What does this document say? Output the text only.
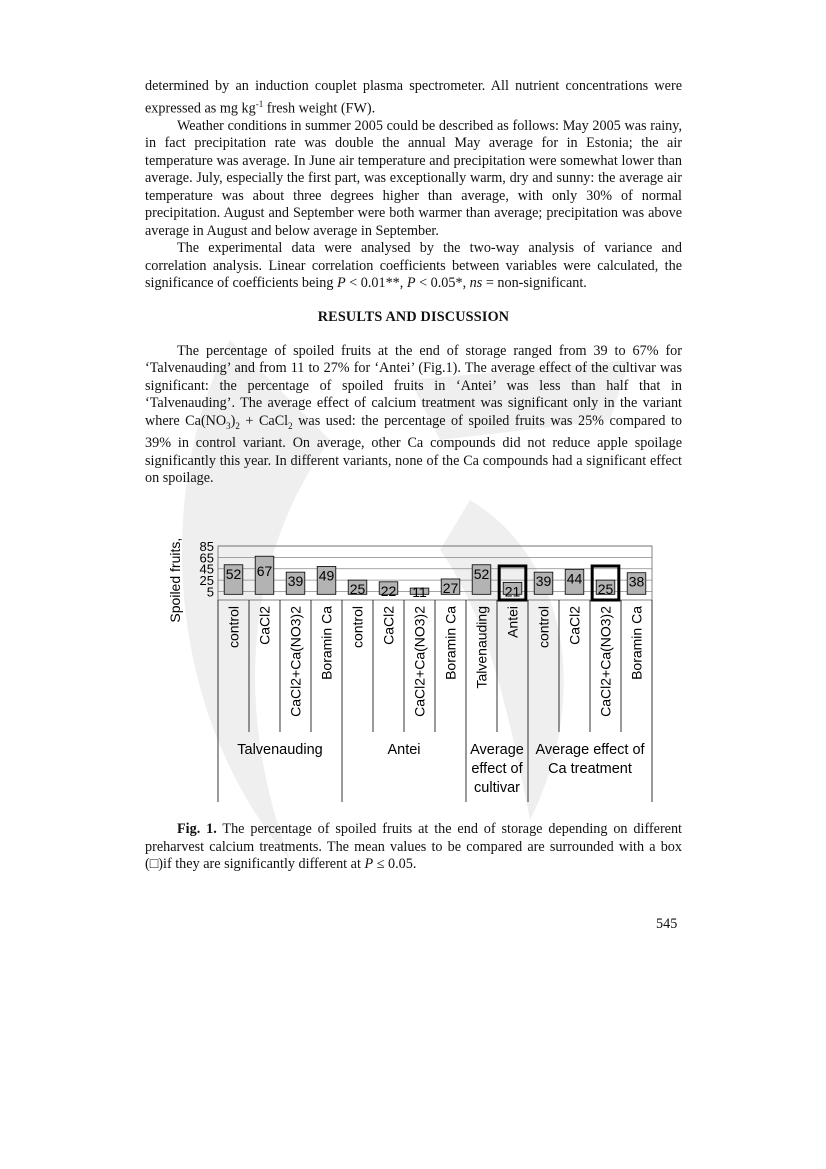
determined by an induction couplet plasma spectrometer. All nutrient concentrations were expressed as mg $kg^{-1}$ fresh weight (FW).

Weather conditions in summer 2005 could be described as follows: May 2005 was rainy, in fact precipitation rate was double the annual May average for in Estonia; the air temperature was average. In June air temperature and precipitation were somewhat lower than average. July, especially the first part, was exceptionally warm, dry and sunny: the average air temperature was about three degrees higher than average, with only 30% of normal precipitation. August and September were both warmer than average; precipitation was above average in August and below average in September.

The experimental data were analysed by the two-way analysis of variance and correlation analysis. Linear correlation coefficients between variables were calculated, the significance of coefficients being P < 0.01**, P < 0.05*, ns = non-significant.

RESULTS AND DISCUSSION

The percentage of spoiled fruits at the end of storage ranged from 39 to 67% for ‘Talvenauding’ and from 11 to 27% for ‘Antei’ (Fig.1). The average effect of the cultivar was significant: the percentage of spoiled fruits in ‘Antei’ was less than half that in ‘Talvenauding’. The average effect of calcium treatment was significant only in the variant where $Ca(NO_3)_2$ + CaCl$_2$ was used: the percentage of spoiled fruits was 25% compared to 39% in control variant. On average, other Ca compounds did not reduce apple spoilage significantly this year. In different variants, none of the Ca compounds had a significant effect on spoilage.

Spoiled fruits, % 85
65
45
25
5
52 67
39 49
25 22 11 27
52
21
39 44
25 38
control CaCl2 CaCl2+Ca(NO3)2 Boramin Ca control CaCl2 CaCl2+Ca(NO3)2 Boramin Ca Talvenauding Antei control CaCl2 CaCl2+Ca(NO3)2 Boramin Ca
Talvenauding	Antei	Average
effect of
cultivar
Average effect of
Ca treatment

Fig. 1. The percentage of spoiled fruits at the end of storage depending on different preharvest calcium treatments. The mean values to be compared are surrounded with a box (□)if they are significantly different at P ≤ 0.05.

545
